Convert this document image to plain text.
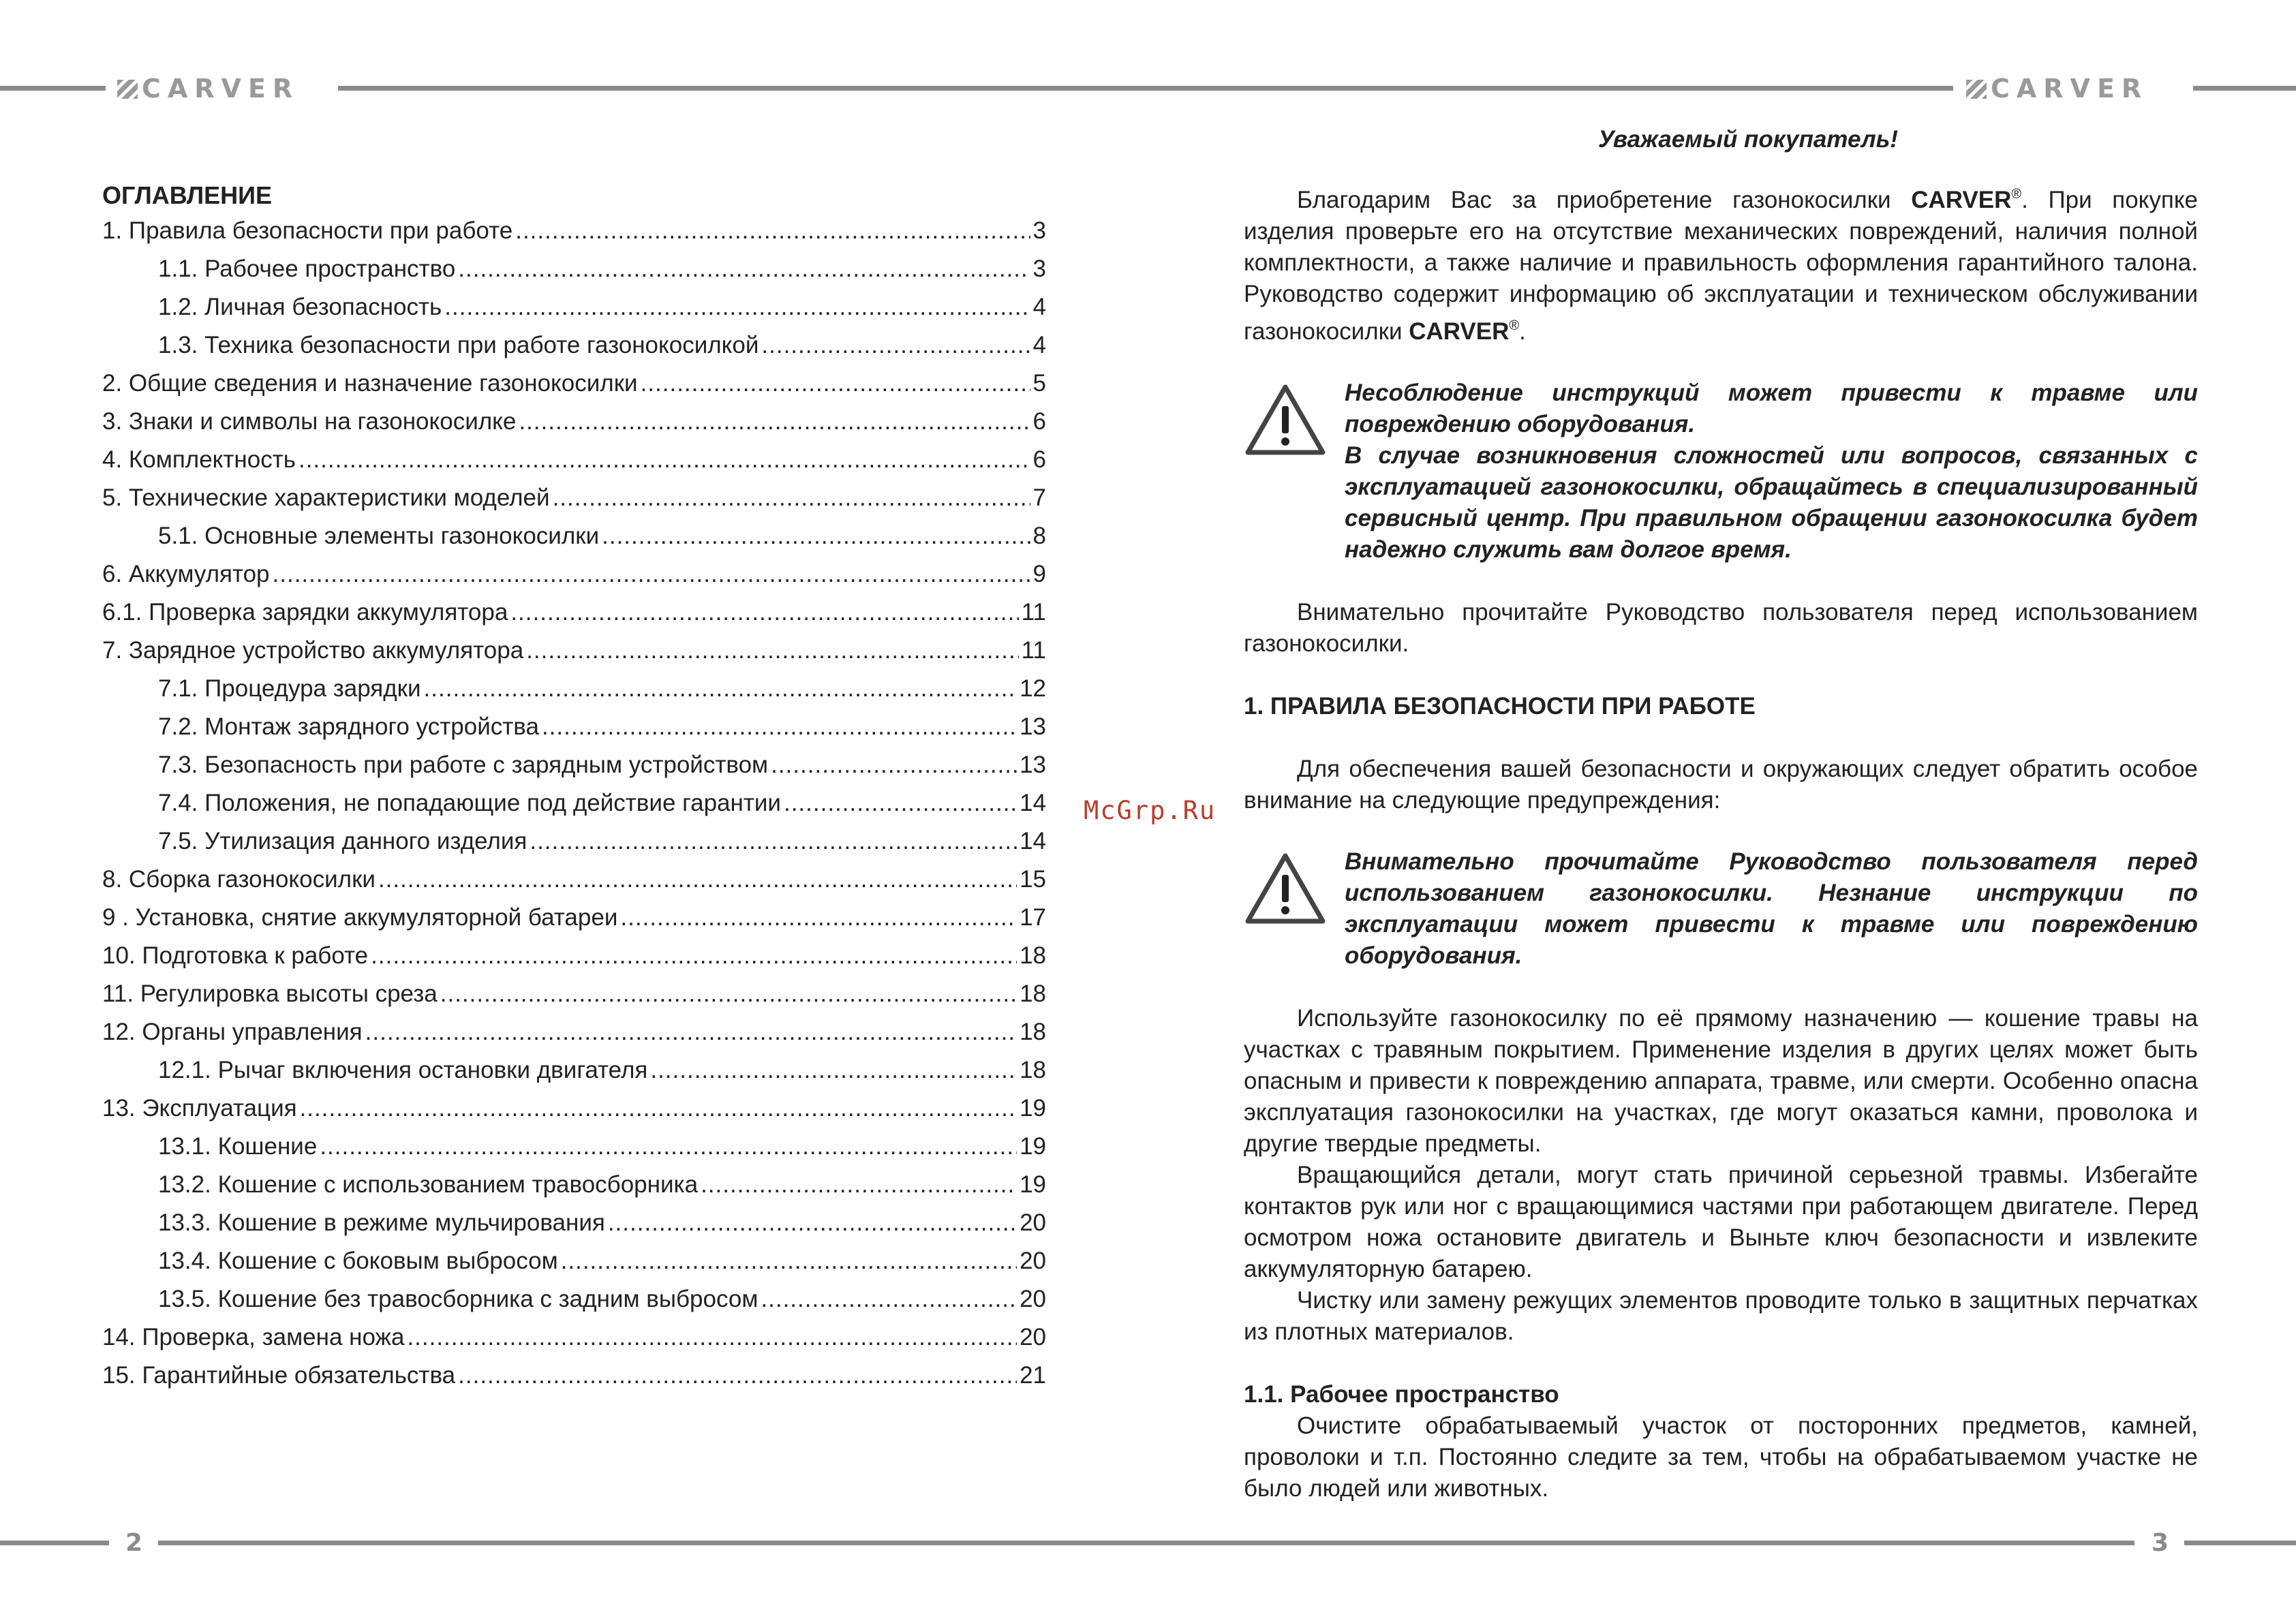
CARVER	CARVER
ОГЛАВЛЕНИЕ
1. Правила безопасности при работе .....	3
1.1. Рабочее пространство .....	3
1.2. Личная безопасность .....	4
1.3. Техника безопасности при работе газонокосилкой .....	4
2. Общие сведения и назначение газонокосилки .....	5
3. Знаки и символы на газонокосилке .....	6
4. Комплектность .....	6
5. Технические характеристики моделей .....	7
5.1. Основные элементы газонокосилки .....	8
6. Аккумулятор .....	9
6.1. Проверка зарядки аккумулятора .....	11
7. Зарядное устройство аккумулятора .....	11
7.1. Процедура зарядки .....	12
7.2. Монтаж зарядного устройства .....	13
7.3. Безопасность при работе с зарядным устройством .....	13
7.4. Положения, не попадающие под действие гарантии .....	14
7.5. Утилизация данного изделия .....	14
8. Сборка газонокосилки .....	15
9 . Установка, снятие аккумуляторной батареи .....	17
10. Подготовка к работе .....	18
11. Регулировка высоты среза .....	18
12. Органы управления .....	18
12.1. Рычаг включения остановки двигателя .....	18
13. Эксплуатация .....	19
13.1. Кошение .....	19
13.2. Кошение с использованием травосборника .....	19
13.3. Кошение в режиме мульчирования .....	20
13.4. Кошение с боковым выбросом .....	20
13.5. Кошение без травосборника с задним выбросом .....	20
14. Проверка, замена ножа .....	20
15. Гарантийные обязательства .....	21
McGrp.Ru

Уважаемый покупатель!

Благодарим Вас за приобретение газонокосилки CARVER®. При покупке изделия проверьте его на отсутствие механических повреждений, наличия полной комплектности, а также наличие и правильность оформления гарантийного талона. Руководство содержит информацию об эксплуатации и техническом обслуживании газонокосилки CARVER®.

Несоблюдение инструкций может привести к травме или повреждению оборудования.
В случае возникновения сложностей или вопросов, связанных с эксплуатацией газонокосилки, обращайтесь в специализированный сервисный центр. При правильном обращении газонокосилка будет надежно служить вам долгое время.

Внимательно прочитайте Руководство пользователя перед использованием газонокосилки.

1. ПРАВИЛА БЕЗОПАСНОСТИ ПРИ РАБОТЕ

Для обеспечения вашей безопасности и окружающих следует обратить особое внимание на следующие предупреждения:

Внимательно прочитайте Руководство пользователя перед использованием газонокосилки. Незнание инструкции по эксплуатации может привести к травме или повреждению оборудования.

Используйте газонокосилку по её прямому назначению — кошение травы на участках с травяным покрытием. Применение изделия в других целях может быть опасным и привести к повреждению аппарата, травме, или смерти. Особенно опасна эксплуатация газонокосилки на участках, где могут оказаться камни, проволока и другие твердые предметы.

Вращающийся детали, могут стать причиной серьезной травмы. Избегайте контактов рук или ног с вращающимися частями при работающем двигателе. Перед осмотром ножа остановите двигатель и Выньте ключ безопасности и извлеките аккумуляторную батарею.

Чистку или замену режущих элементов проводите только в защитных перчатках из плотных материалов.

1.1. Рабочее пространство

Очистите обрабатываемый участок от посторонних предметов, камней, проволоки и т.п. Постоянно следите за тем, чтобы на обрабатываемом участке не было людей или животных.

2	3
